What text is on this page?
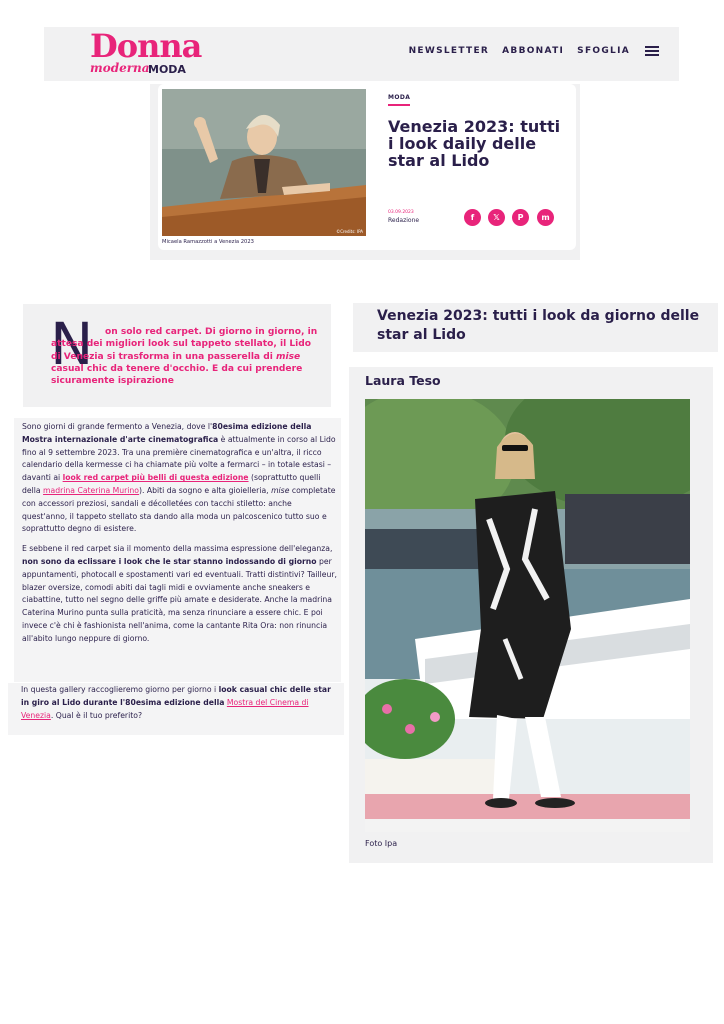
Donna
moderna
MODA
NEWSLETTER ABBONATI SFOGLIA
©Credits: IPA
Micaela Ramazzotti a Venezia 2023
MODA
Venezia 2023: tutti i look daily delle star al Lido
03.09.2023
Redazione	f	𝕏	P	m
N	on solo red carpet. Di giorno in giorno, in attesa dei migliori look sul tappeto stellato, il Lido di Venezia si trasforma in una passerella di mise casual chic da tenere d'occhio. E da cui prendere sicuramente ispirazione

Sono giorni di grande fermento a Venezia, dove l'80esima edizione della Mostra internazionale d'arte cinematografica è attualmente in corso al Lido fino al 9 settembre 2023. Tra una première cinematografica e un'altra, il ricco calendario della kermesse ci ha chiamate più volte a fermarci – in totale estasi – davanti ai look red carpet più belli di questa edizione (soprattutto quelli della madrina Caterina Murino). Abiti da sogno e alta gioielleria, mise completate con accessori preziosi, sandali e décolletées con tacchi stiletto: anche quest'anno, il tappeto stellato sta dando alla moda un palcoscenico tutto suo e soprattutto degno di esistere.

E sebbene il red carpet sia il momento della massima espressione dell'eleganza, non sono da eclissare i look che le star stanno indossando di giorno per appuntamenti, photocall e spostamenti vari ed eventuali. Tratti distintivi? Tailleur, blazer oversize, comodi abiti dai tagli midi e ovviamente anche sneakers e ciabattine, tutto nel segno delle griffe più amate e desiderate. Anche la madrina Caterina Murino punta sulla praticità, ma senza rinunciare a essere chic. E poi invece c'è chi è fashionista nell'anima, come la cantante Rita Ora: non rinuncia all'abito lungo neppure di giorno.

In questa gallery raccoglieremo giorno per giorno i look casual chic delle star in giro al Lido durante l'80esima edizione della Mostra del Cinema di Venezia. Qual è il tuo preferito?
Venezia 2023: tutti i look da giorno delle star al Lido
Laura Teso
Foto Ipa
